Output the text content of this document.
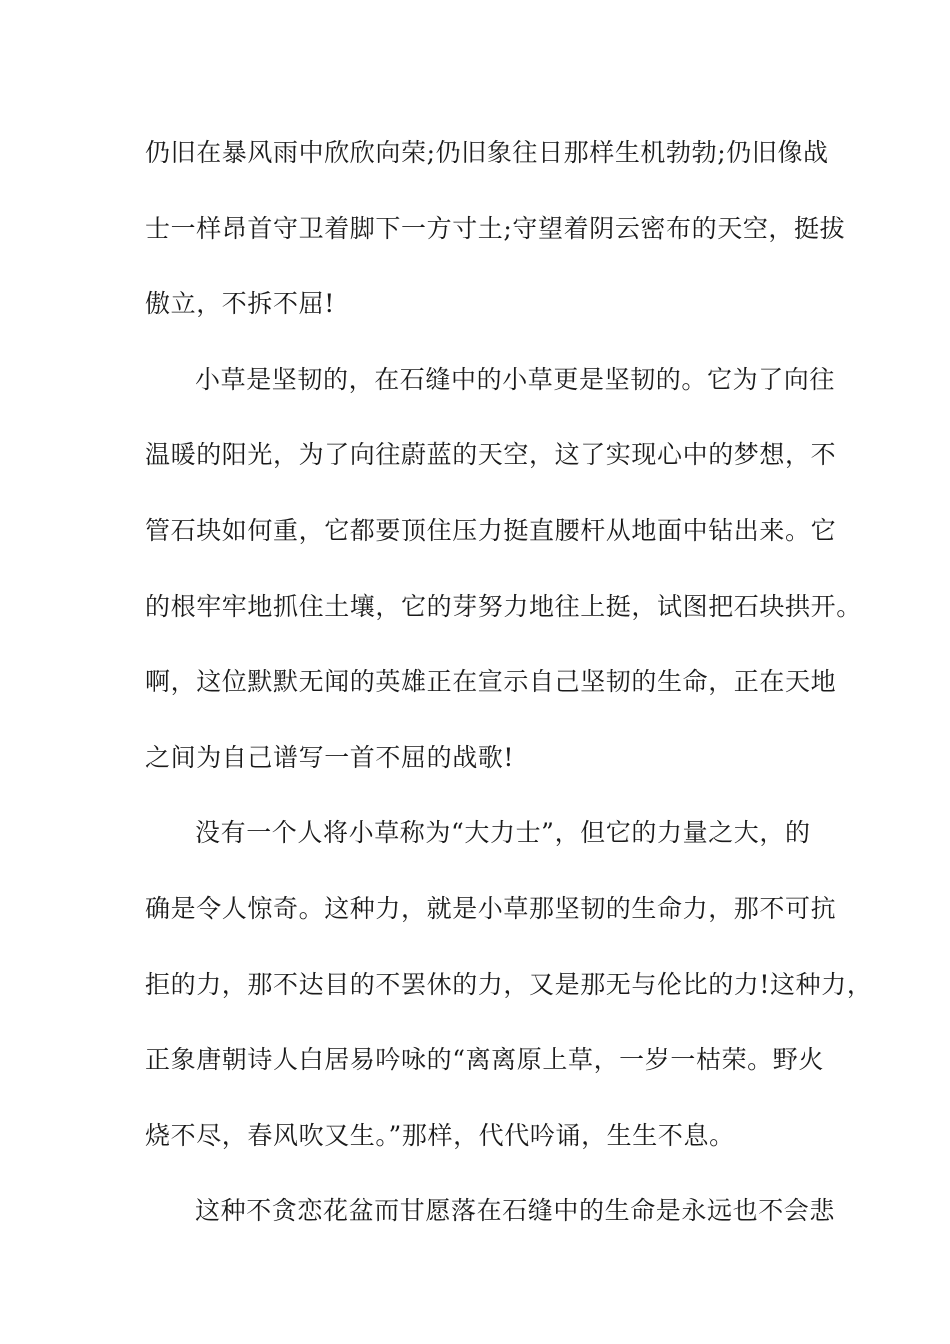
仍旧在暴风雨中欣欣向荣;仍旧象往日那样生机勃勃;仍旧像战
士一样昂首守卫着脚下一方寸土;守望着阴云密布的天空，挺拔
傲立，不拆不屈!
小草是坚韧的，在石缝中的小草更是坚韧的。它为了向往
温暖的阳光，为了向往蔚蓝的天空，这了实现心中的梦想，不
管石块如何重，它都要顶住压力挺直腰杆从地面中钻出来。它
的根牢牢地抓住土壤，它的芽努力地往上挺，试图把石块拱开。
啊，这位默默无闻的英雄正在宣示自己坚韧的生命，正在天地
之间为自己谱写一首不屈的战歌!
没有一个人将小草称为“大力士”，但它的力量之大，的
确是令人惊奇。这种力，就是小草那坚韧的生命力，那不可抗
拒的力，那不达目的不罢休的力，又是那无与伦比的力!这种力，
正象唐朝诗人白居易吟咏的“离离原上草，一岁一枯荣。野火
烧不尽，春风吹又生。”那样，代代吟诵，生生不息。
这种不贪恋花盆而甘愿落在石缝中的生命是永远也不会悲
